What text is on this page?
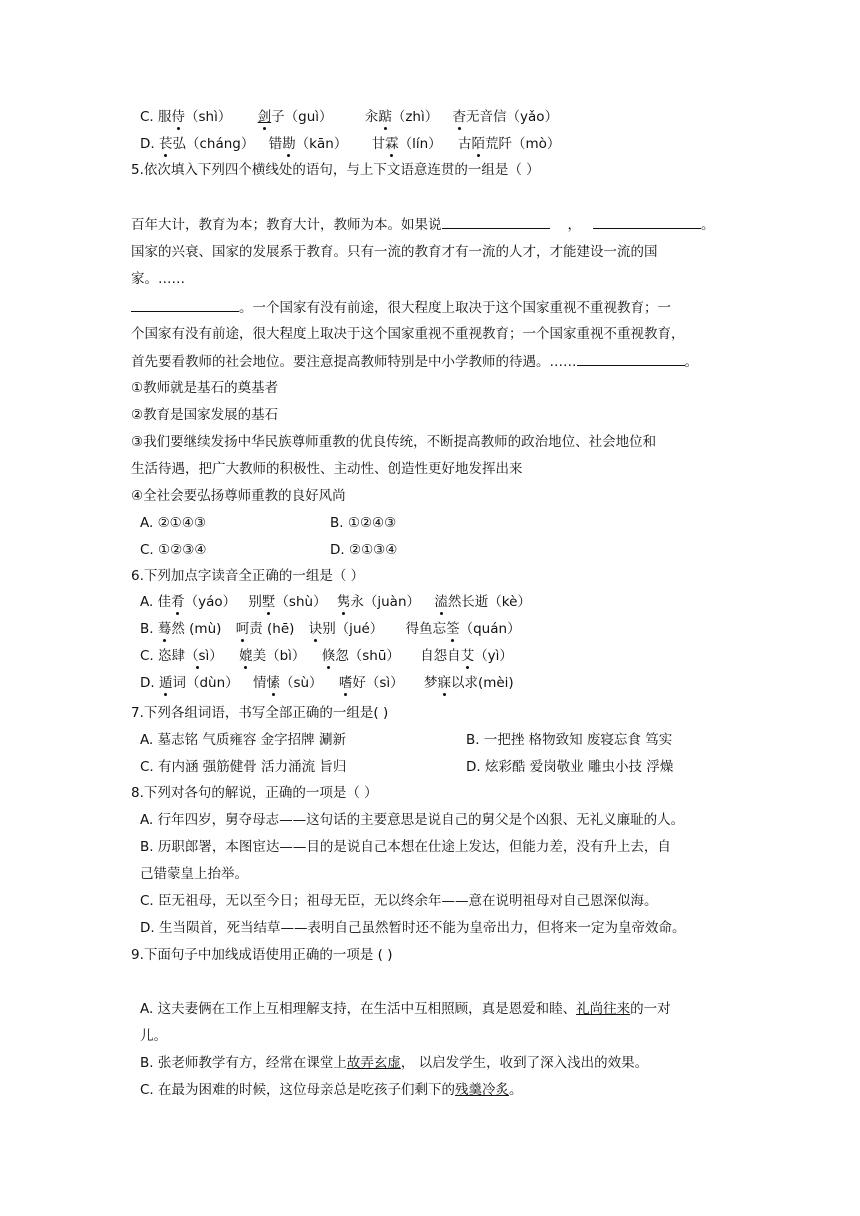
C. 服侍（shì） 剑子（guì） 汆踮（zhì） 杳无音信（yǎo）
D. 苌弘（cháng） 错勘（kān） 甘霖（lín） 古陌荒阡（mò）
5.依次填入下列四个横线处的语句，与上下文语意连贯的一组是（ ）
百年大计，教育为本；教育大计，教师为本。如果说	，	。
国家的兴衰、国家的发展系于教育。只有一流的教育才有一流的人才，才能建设一流的国
家。……
。一个国家有没有前途，很大程度上取决于这个国家重视不重视教育；一
个国家有没有前途，很大程度上取决于这个国家重视不重视教育；一个国家重视不重视教育，
首先要看教师的社会地位。要注意提高教师特别是中小学教师的待遇。……	。
①教师就是基石的奠基者
②教育是国家发展的基石
③我们要继续发扬中华民族尊师重教的优良传统，不断提高教师的政治地位、社会地位和
生活待遇，把广大教师的积极性、主动性、创造性更好地发挥出来
④全社会要弘扬尊师重教的良好风尚
A. ②①④③	B. ①②④③
C. ①②③④	D. ②①③④
6.下列加点字读音全正确的一组是（ ）
A. 佳肴（yáo） 别墅（shù） 隽永（juàn） 溘然长逝（kè）
B. 蓦然 (mù) 呵责 (hē) 诀别（jué） 得鱼忘筌（quán）
C. 恣肆（sì） 媲美（bì） 倏忽（shū） 自怨自艾（yì）
D. 遁词（dùn） 情愫（sù） 嗜好（sì） 梦寐以求(mèi)
7.下列各组词语，书写全部正确的一组是( )
A. 墓志铭 气质雍容 金字招牌 涮新	B. 一把挫 格物致知 废寝忘食 笃实
C. 有内涵 强筋健骨 活力涌流 旨归	D. 炫彩酷 爱岗敬业 雕虫小技 浮燥
8.下列对各句的解说，正确的一项是（ ）
A. 行年四岁，舅夺母志——这句话的主要意思是说自己的舅父是个凶狠、无礼义廉耻的人。
B. 历职郎署，本图宦达——目的是说自己本想在仕途上发达，但能力差，没有升上去，自
己错蒙皇上抬举。
C. 臣无祖母，无以至今日；祖母无臣，无以终余年——意在说明祖母对自己恩深似海。
D. 生当陨首，死当结草——表明自己虽然暂时还不能为皇帝出力，但将来一定为皇帝效命。
9.下面句子中加线成语使用正确的一项是 ( )
A. 这夫妻俩在工作上互相理解支持，在生活中互相照顾，真是恩爱和睦、礼尚往来的一对
儿。
B. 张老师教学有方，经常在课堂上故弄玄虚， 以启发学生，收到了深入浅出的效果。
C. 在最为困难的时候，这位母亲总是吃孩子们剩下的残羹冷炙。
